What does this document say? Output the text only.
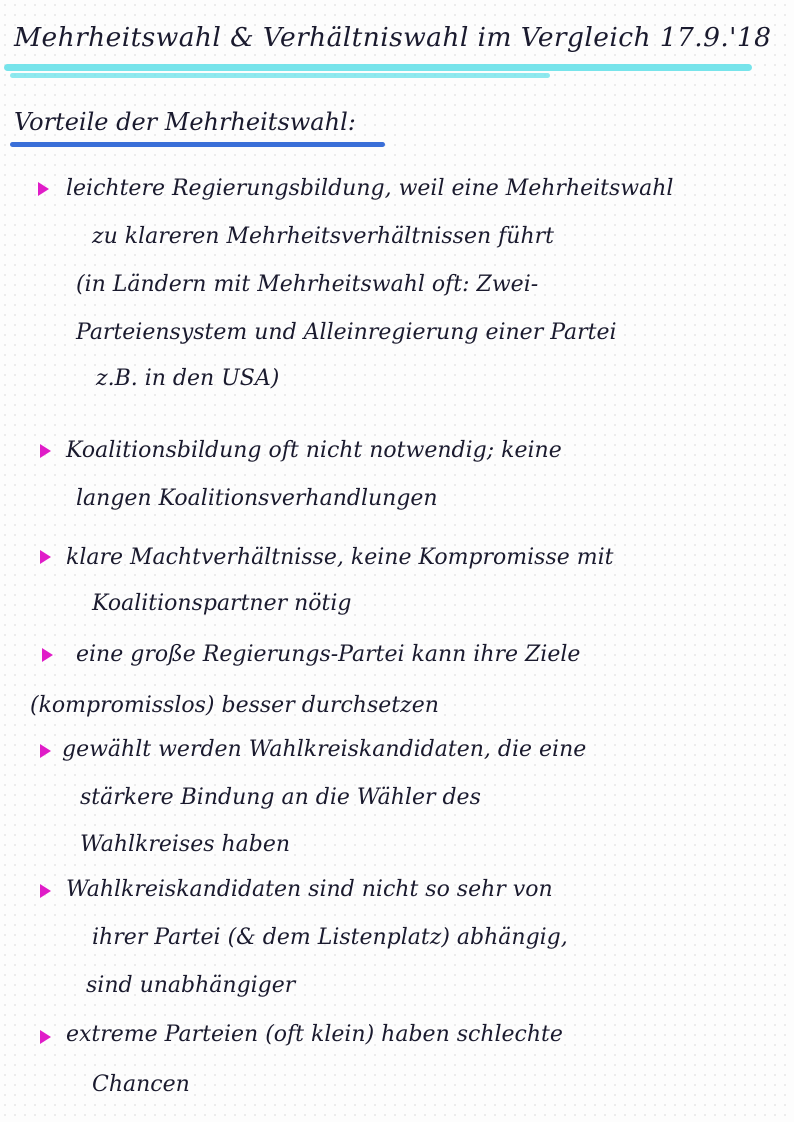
Mehrheitswahl & Verhältniswahl im Vergleich 17.9.'18
Vorteile der Mehrheitswahl:
leichtere Regierungsbildung, weil eine Mehrheitswahl
zu klareren Mehrheitsverhältnissen führt
(in Ländern mit Mehrheitswahl oft: Zwei-
Parteiensystem und Alleinregierung einer Partei
z.B. in den USA)
Koalitionsbildung oft nicht notwendig; keine
langen Koalitionsverhandlungen
klare Machtverhältnisse, keine Kompromisse mit
Koalitionspartner nötig
eine große Regierungs-Partei kann ihre Ziele
(kompromisslos) besser durchsetzen
gewählt werden Wahlkreiskandidaten, die eine
stärkere Bindung an die Wähler des
Wahlkreises haben
Wahlkreiskandidaten sind nicht so sehr von
ihrer Partei (& dem Listenplatz) abhängig,
sind unabhängiger
extreme Parteien (oft klein) haben schlechte
Chancen
